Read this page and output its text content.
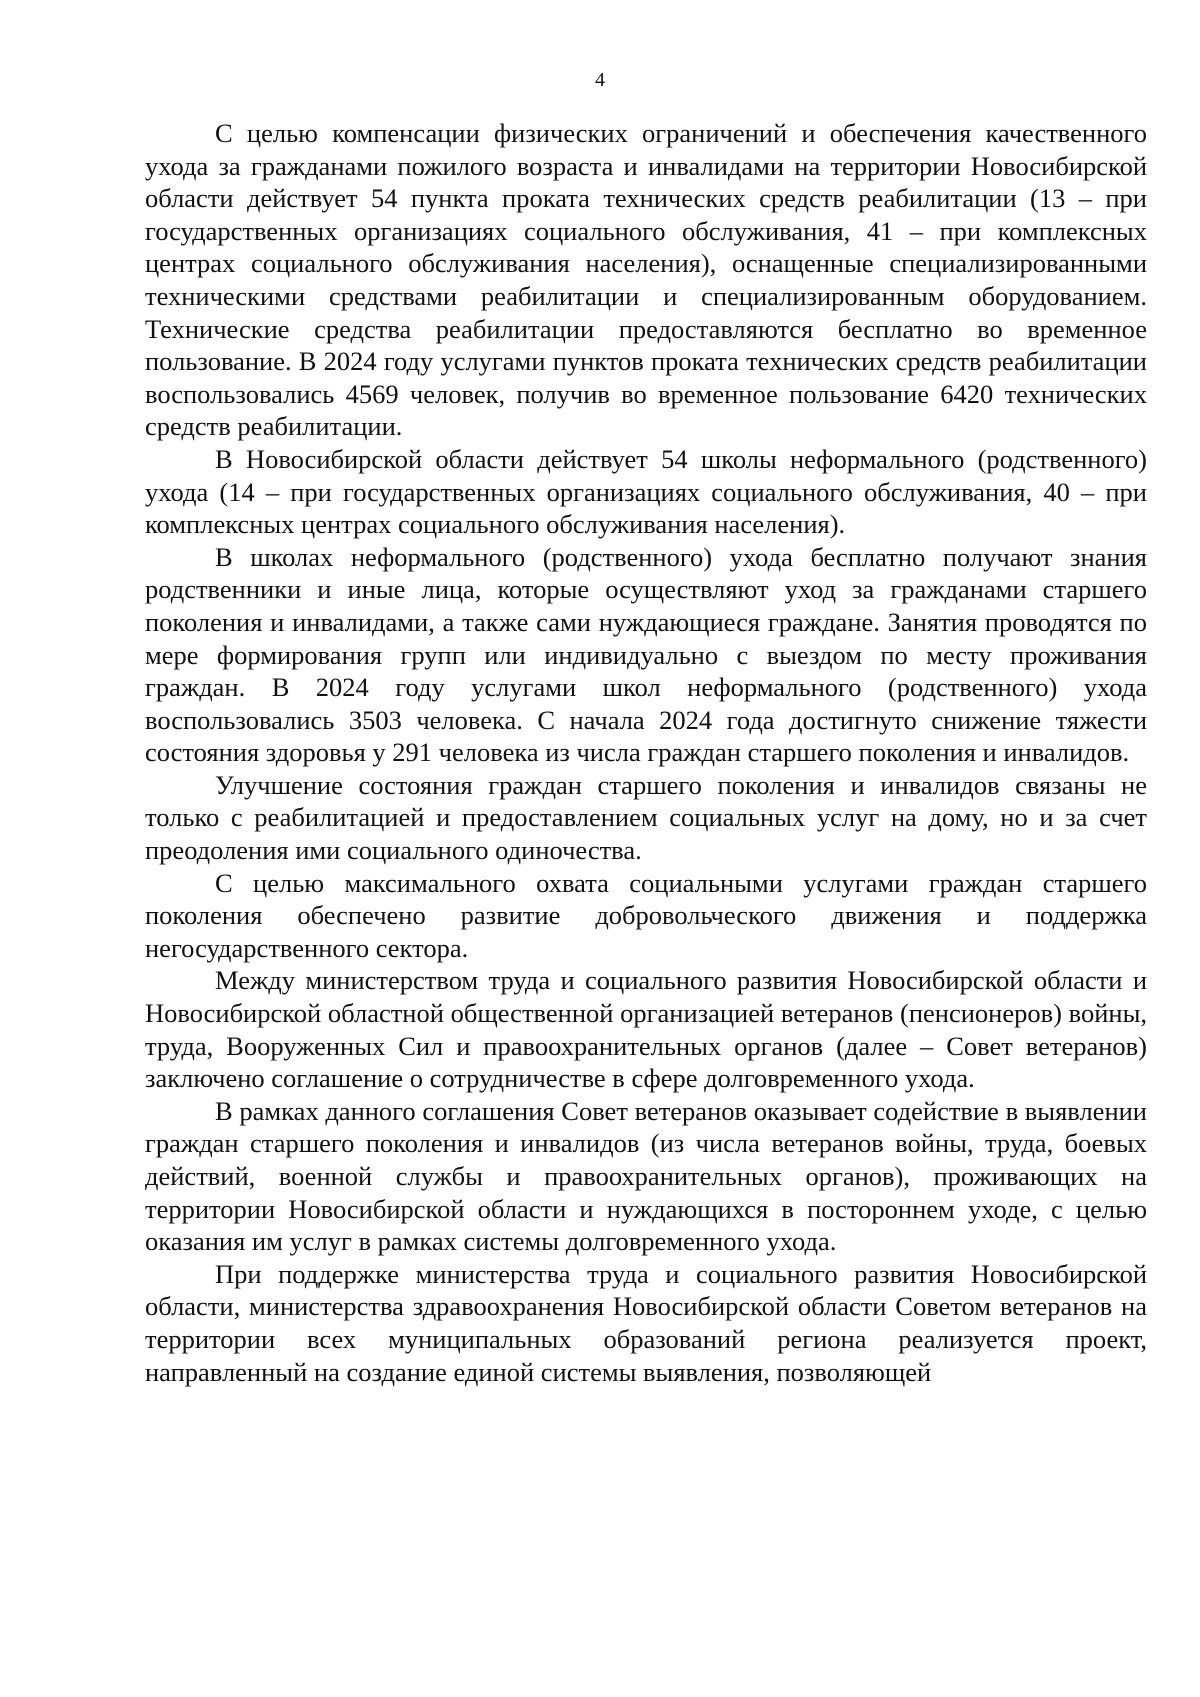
4

С целью компенсации физических ограничений и обеспечения качественного ухода за гражданами пожилого возраста и инвалидами на территории Новосибирской области действует 54 пункта проката технических средств реабилитации (13 – при государственных организациях социального обслуживания, 41 – при комплексных центрах социального обслуживания населения), оснащенные специализированными техническими средствами реабилитации и специализированным оборудованием. Технические средства реабилитации предоставляются бесплатно во временное пользование. В 2024 году услугами пунктов проката технических средств реабилитации воспользовались 4569 человек, получив во временное пользование 6420 технических средств реабилитации.

В Новосибирской области действует 54 школы неформального (родственного) ухода (14 – при государственных организациях социального обслуживания, 40 – при комплексных центрах социального обслуживания населения).

В школах неформального (родственного) ухода бесплатно получают знания родственники и иные лица, которые осуществляют уход за гражданами старшего поколения и инвалидами, а также сами нуждающиеся граждане. Занятия проводятся по мере формирования групп или индивидуально с выездом по месту проживания граждан. В 2024 году услугами школ неформального (родственного) ухода воспользовались 3503 человека. С начала 2024 года достигнуто снижение тяжести состояния здоровья у 291 человека из числа граждан старшего поколения и инвалидов.

Улучшение состояния граждан старшего поколения и инвалидов связаны не только с реабилитацией и предоставлением социальных услуг на дому, но и за счет преодоления ими социального одиночества.

С целью максимального охвата социальными услугами граждан старшего поколения обеспечено развитие добровольческого движения и поддержка негосударственного сектора.

Между министерством труда и социального развития Новосибирской области и Новосибирской областной общественной организацией ветеранов (пенсионеров) войны, труда, Вооруженных Сил и правоохранительных органов (далее – Совет ветеранов) заключено соглашение о сотрудничестве в сфере долговременного ухода.

В рамках данного соглашения Совет ветеранов оказывает содействие в выявлении граждан старшего поколения и инвалидов (из числа ветеранов войны, труда, боевых действий, военной службы и правоохранительных органов), проживающих на территории Новосибирской области и нуждающихся в постороннем уходе, с целью оказания им услуг в рамках системы долговременного ухода.

При поддержке министерства труда и социального развития Новосибирской области, министерства здравоохранения Новосибирской области Советом ветеранов на территории всех муниципальных образований региона реализуется проект, направленный на создание единой системы выявления, позволяющей
